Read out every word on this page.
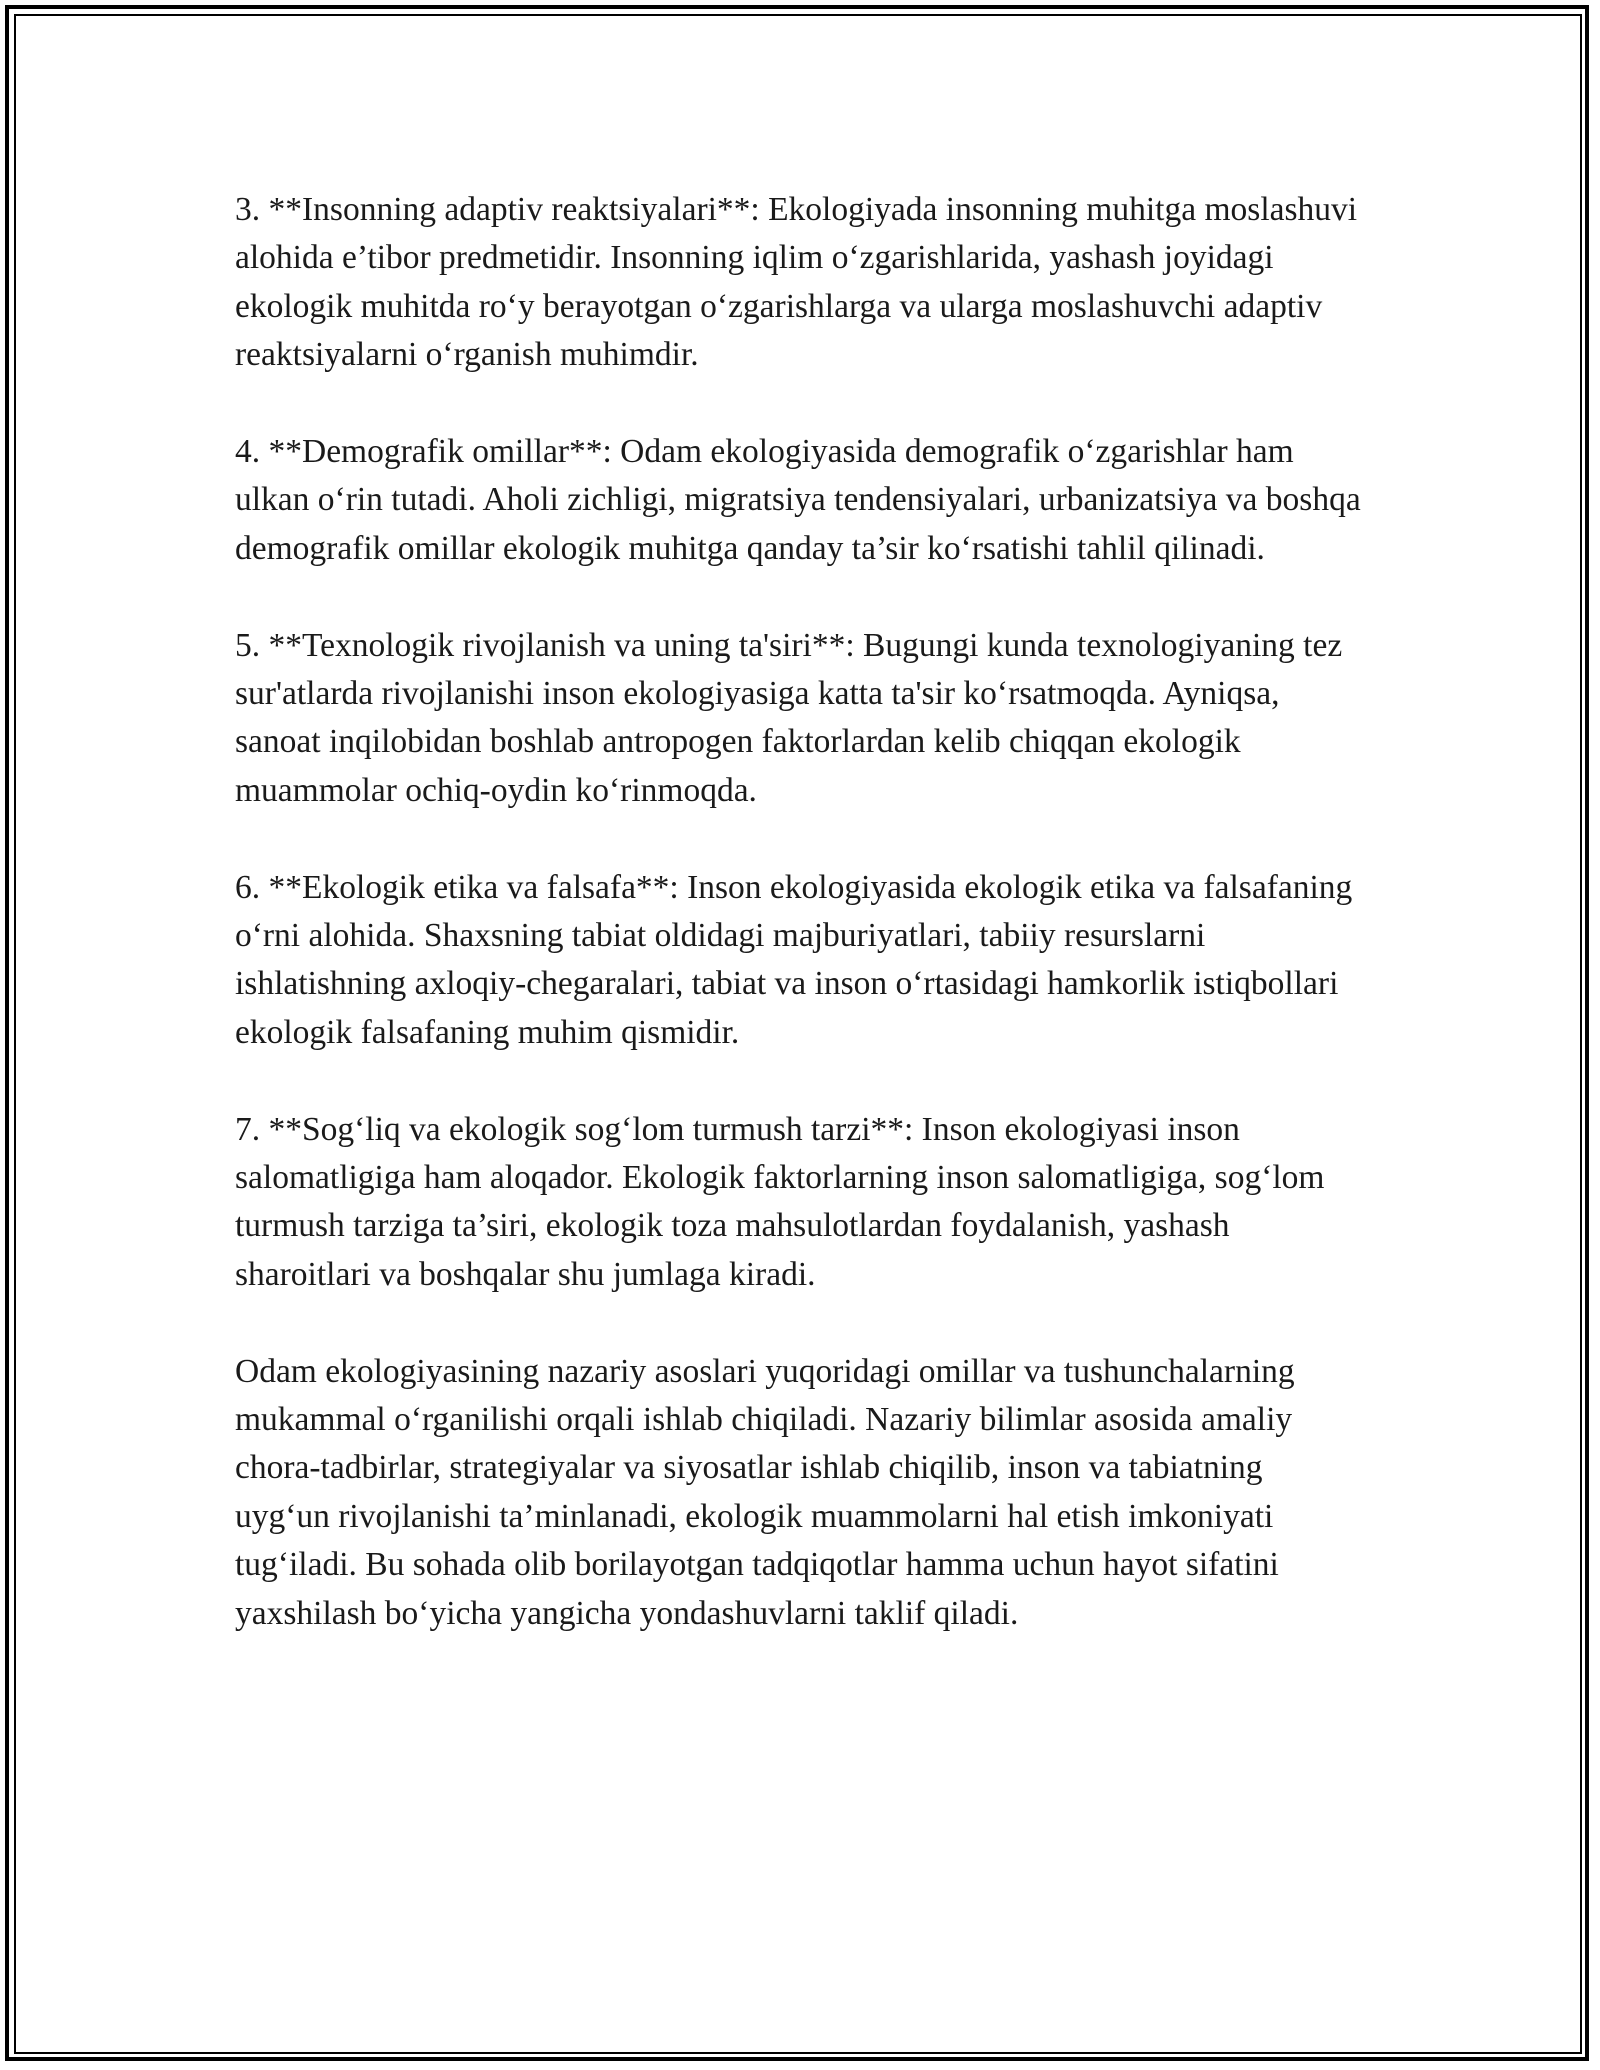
3. **Insonning adaptiv reaktsiyalari**: Ekologiyada insonning muhitga moslashuvi alohida e’tibor predmetidir. Insonning iqlim o‘zgarishlarida, yashash joyidagi ekologik muhitda ro‘y berayotgan o‘zgarishlarga va ularga moslashuvchi adaptiv reaktsiyalarni o‘rganish muhimdir.

4. **Demografik omillar**: Odam ekologiyasida demografik o‘zgarishlar ham ulkan o‘rin tutadi. Aholi zichligi, migratsiya tendensiyalari, urbanizatsiya va boshqa demografik omillar ekologik muhitga qanday ta’sir ko‘rsatishi tahlil qilinadi.

5. **Texnologik rivojlanish va uning ta'siri**: Bugungi kunda texnologiyaning tez sur'atlarda rivojlanishi inson ekologiyasiga katta ta'sir ko‘rsatmoqda. Ayniqsa, sanoat inqilobidan boshlab antropogen faktorlardan kelib chiqqan ekologik muammolar ochiq-oydin ko‘rinmoqda.

6. **Ekologik etika va falsafa**: Inson ekologiyasida ekologik etika va falsafaning o‘rni alohida. Shaxsning tabiat oldidagi majburiyatlari, tabiiy resurslarni ishlatishning axloqiy-chegaralari, tabiat va inson o‘rtasidagi hamkorlik istiqbollari ekologik falsafaning muhim qismidir.

7. **Sog‘liq va ekologik sog‘lom turmush tarzi**: Inson ekologiyasi inson salomatligiga ham aloqador. Ekologik faktorlarning inson salomatligiga, sog‘lom turmush tarziga ta’siri, ekologik toza mahsulotlardan foydalanish, yashash sharoitlari va boshqalar shu jumlaga kiradi.

Odam ekologiyasining nazariy asoslari yuqoridagi omillar va tushunchalarning mukammal o‘rganilishi orqali ishlab chiqiladi. Nazariy bilimlar asosida amaliy chora-tadbirlar, strategiyalar va siyosatlar ishlab chiqilib, inson va tabiatning uyg‘un rivojlanishi ta’minlanadi, ekologik muammolarni hal etish imkoniyati tug‘iladi. Bu sohada olib borilayotgan tadqiqotlar hamma uchun hayot sifatini yaxshilash bo‘yicha yangicha yondashuvlarni taklif qiladi.
